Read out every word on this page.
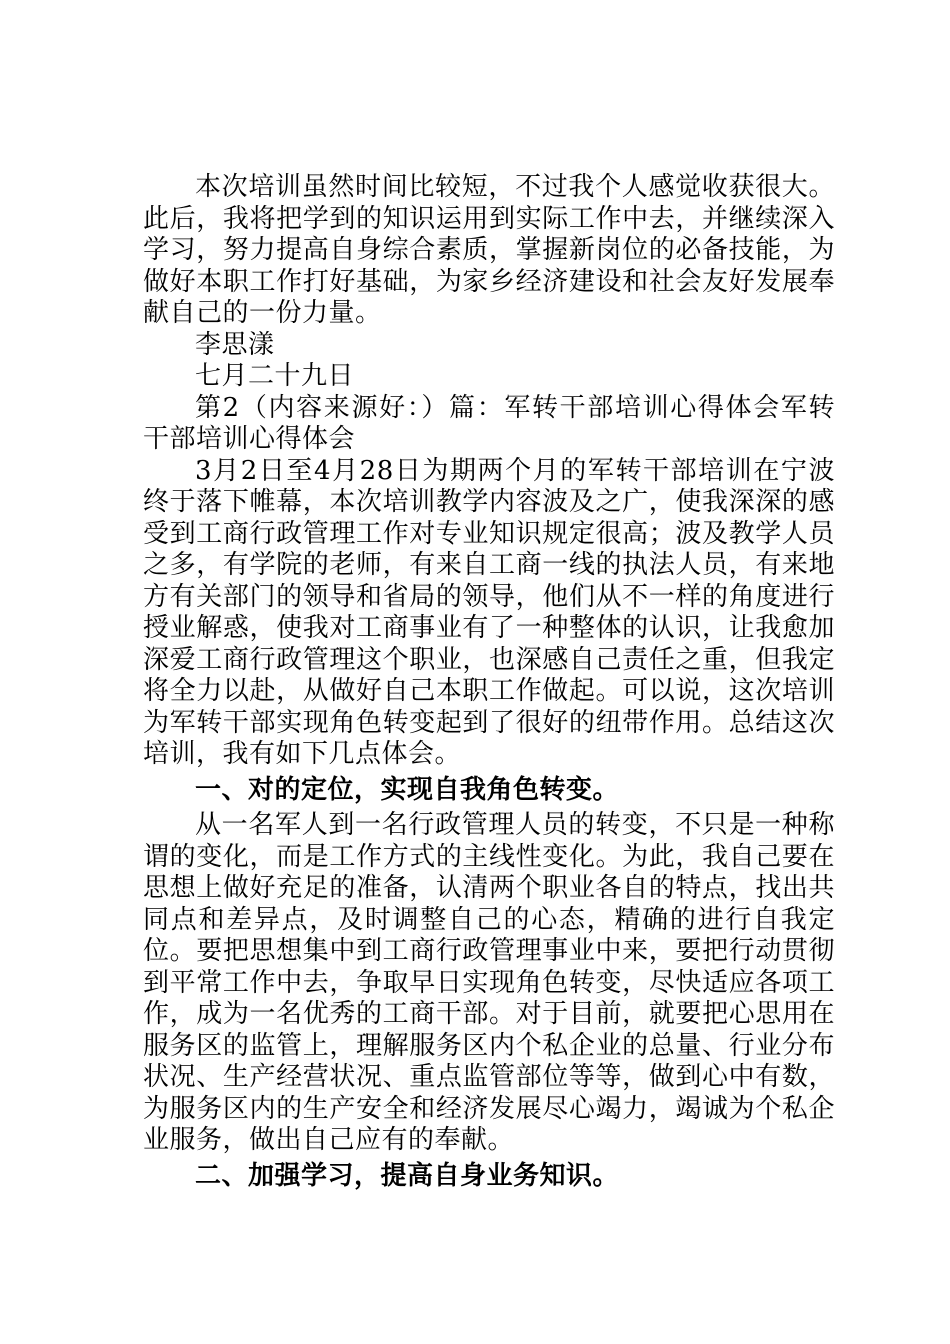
本次培训虽然时间比较短，不过我个人感觉收获很大。此后，我将把学到的知识运用到实际工作中去，并继续深入学习，努力提高自身综合素质，掌握新岗位的必备技能，为做好本职工作打好基础，为家乡经济建设和社会友好发展奉献自己的一份力量。

李思漾

七月二十九日

第2（内容来源好：）篇：军转干部培训心得体会军转干部培训心得体会

3月2日至4月28日为期两个月的军转干部培训在宁波终于落下帷幕，本次培训教学内容波及之广，使我深深的感受到工商行政管理工作对专业知识规定很高；波及教学人员之多，有学院的老师，有来自工商一线的执法人员，有来地方有关部门的领导和省局的领导，他们从不一样的角度进行授业解惑，使我对工商事业有了一种整体的认识，让我愈加深爱工商行政管理这个职业，也深感自己责任之重，但我定将全力以赴，从做好自己本职工作做起。可以说，这次培训为军转干部实现角色转变起到了很好的纽带作用。总结这次培训，我有如下几点体会。

一、对的定位，实现自我角色转变。

从一名军人到一名行政管理人员的转变，不只是一种称谓的变化，而是工作方式的主线性变化。为此，我自己要在思想上做好充足的准备，认清两个职业各自的特点，找出共同点和差异点，及时调整自己的心态，精确的进行自我定位。要把思想集中到工商行政管理事业中来，要把行动贯彻到平常工作中去，争取早日实现角色转变，尽快适应各项工作，成为一名优秀的工商干部。对于目前，就要把心思用在服务区的监管上，理解服务区内个私企业的总量、行业分布状况、生产经营状况、重点监管部位等等，做到心中有数，为服务区内的生产安全和经济发展尽心竭力，竭诚为个私企业服务，做出自己应有的奉献。

二、加强学习，提高自身业务知识。
